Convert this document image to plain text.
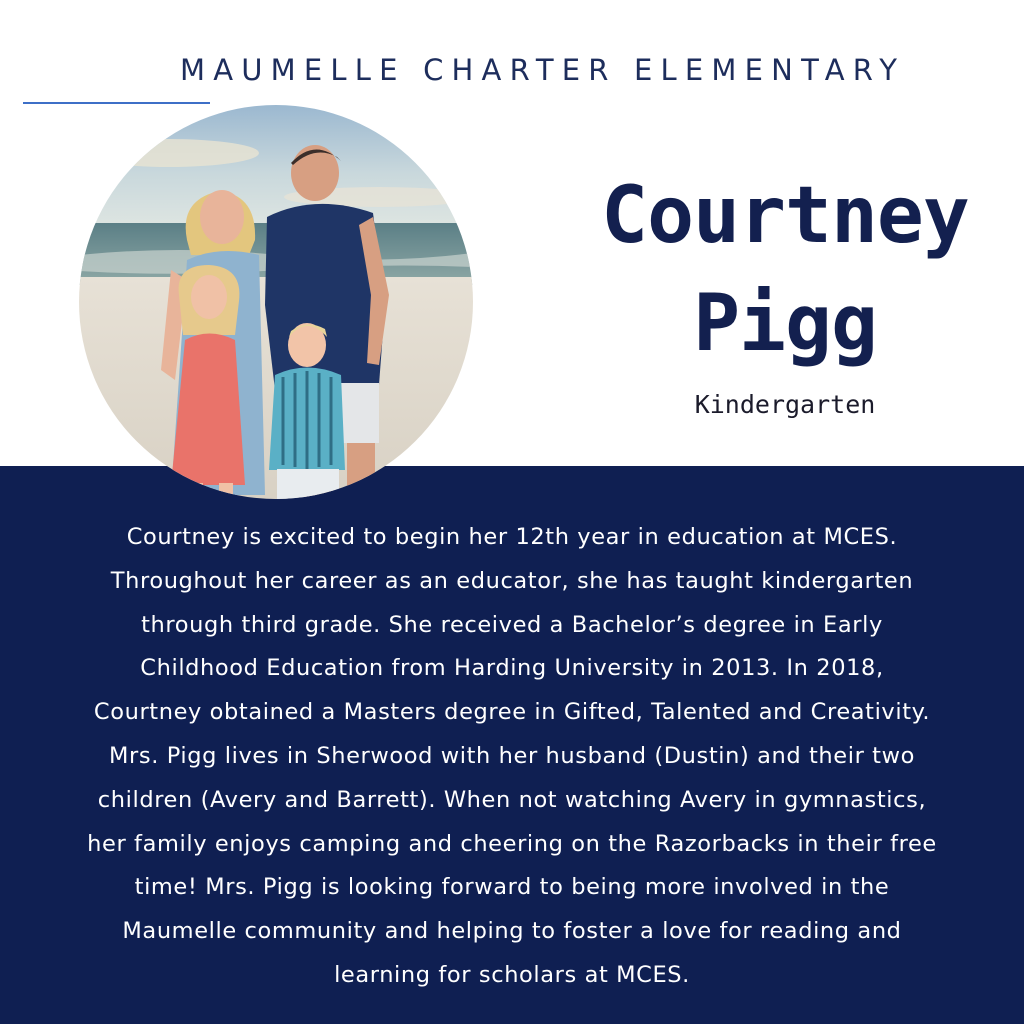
MAUMELLE CHARTER ELEMENTARY
Courtney
Pigg
Kindergarten
Courtney is excited to begin her 12th year in education at MCES.
Throughout her career as an educator, she has taught kindergarten
through third grade. She received a Bachelor’s degree in Early
Childhood Education from Harding University in 2013. In 2018,
Courtney obtained a Masters degree in Gifted, Talented and Creativity.
Mrs. Pigg lives in Sherwood with her husband (Dustin) and their two
children (Avery and Barrett). When not watching Avery in gymnastics,
her family enjoys camping and cheering on the Razorbacks in their free
time! Mrs. Pigg is looking forward to being more involved in the
Maumelle community and helping to foster a love for reading and
learning for scholars at MCES.
